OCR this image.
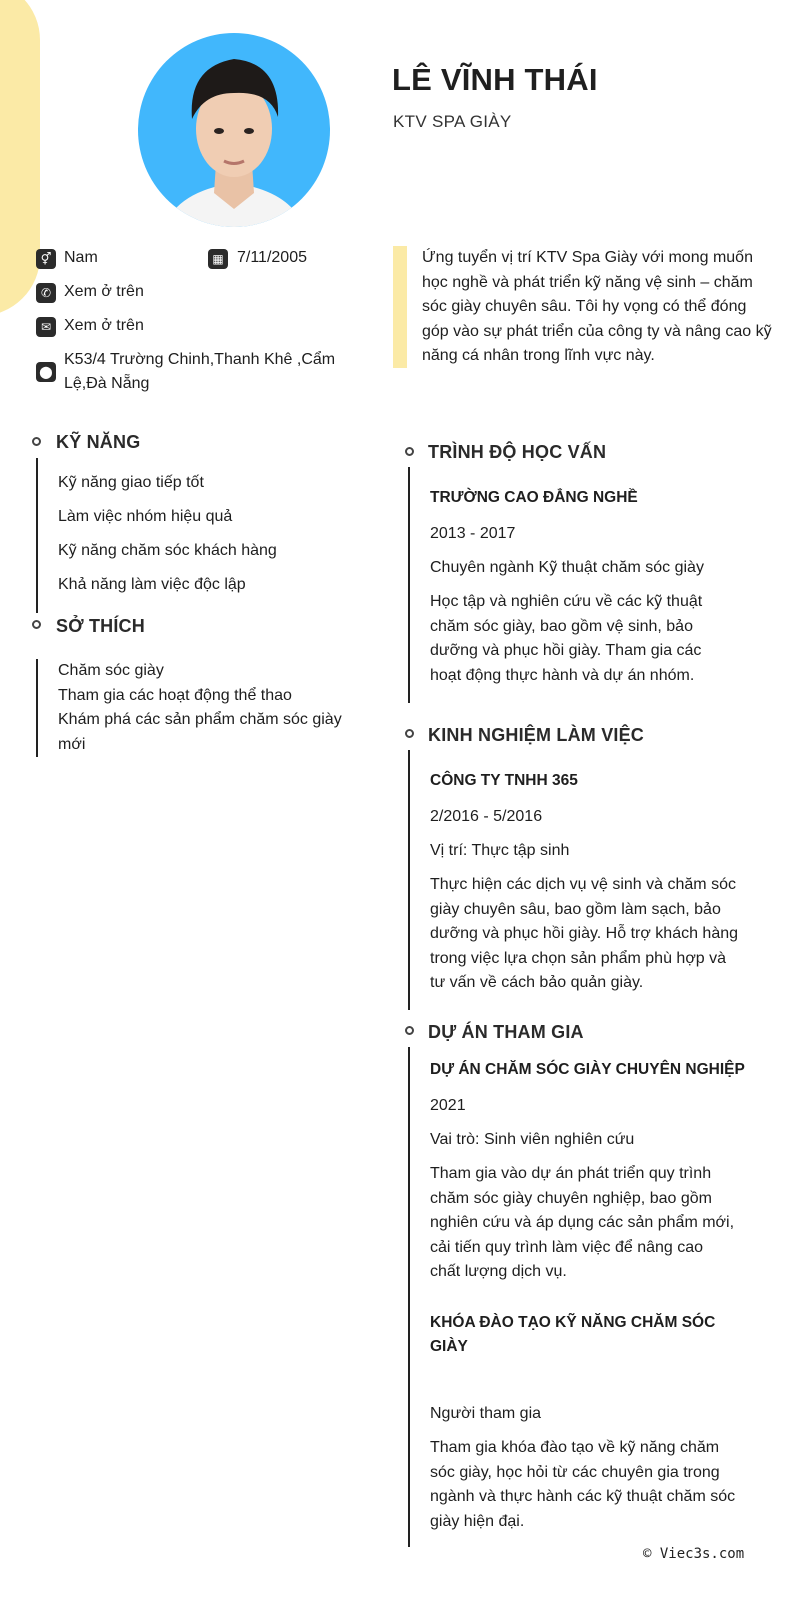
LÊ VĨNH THÁI
KTV SPA GIÀY
⚥ Nam	▦ 7/11/2005
✆ Xem ở trên
✉ Xem ở trên
⬤
K53/4 Trường Chinh,Thanh Khê ,Cẩm Lệ,Đà Nẵng
Ứng tuyển vị trí KTV Spa Giày với mong muốn học nghề và phát triển kỹ năng vệ sinh – chăm sóc giày chuyên sâu. Tôi hy vọng có thể đóng góp vào sự phát triển của công ty và nâng cao kỹ năng cá nhân trong lĩnh vực này.
KỸ NĂNG
Kỹ năng giao tiếp tốt
Làm việc nhóm hiệu quả
Kỹ năng chăm sóc khách hàng
Khả năng làm việc độc lập
SỞ THÍCH
Chăm sóc giày
Tham gia các hoạt động thể thao
Khám phá các sản phẩm chăm sóc giày mới
TRÌNH ĐỘ HỌC VẤN
TRƯỜNG CAO ĐẲNG NGHỀ
2013 - 2017
Chuyên ngành Kỹ thuật chăm sóc giày
Học tập và nghiên cứu về các kỹ thuật chăm sóc giày, bao gồm vệ sinh, bảo dưỡng và phục hồi giày. Tham gia các hoạt động thực hành và dự án nhóm.
KINH NGHIỆM LÀM VIỆC
CÔNG TY TNHH 365
2/2016 - 5/2016
Vị trí: Thực tập sinh
Thực hiện các dịch vụ vệ sinh và chăm sóc giày chuyên sâu, bao gồm làm sạch, bảo dưỡng và phục hồi giày. Hỗ trợ khách hàng trong việc lựa chọn sản phẩm phù hợp và tư vấn về cách bảo quản giày.
DỰ ÁN THAM GIA
DỰ ÁN CHĂM SÓC GIÀY CHUYÊN NGHIỆP
2021
Vai trò: Sinh viên nghiên cứu
Tham gia vào dự án phát triển quy trình chăm sóc giày chuyên nghiệp, bao gồm nghiên cứu và áp dụng các sản phẩm mới, cải tiến quy trình làm việc để nâng cao chất lượng dịch vụ.
KHÓA ĐÀO TẠO KỸ NĂNG CHĂM SÓC GIÀY
Người tham gia
Tham gia khóa đào tạo về kỹ năng chăm sóc giày, học hỏi từ các chuyên gia trong ngành và thực hành các kỹ thuật chăm sóc giày hiện đại.
© Viec3s.com
